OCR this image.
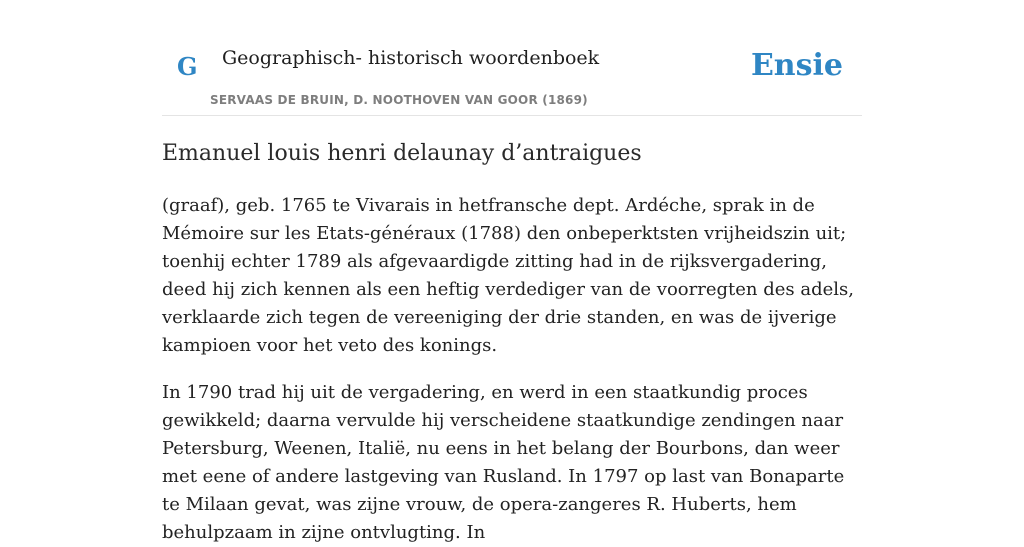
G Geographisch- historisch woordenboek
SERVAAS DE BRUIN, D. NOOTHOVEN VAN GOOR (1869)
Ensie
Emanuel louis henri delaunay d’antraigues

(graaf), geb. 1765 te Vivarais in hetfransche dept. Ardéche, sprak in de Mémoire sur les Etats-généraux (1788) den onbeperktsten vrijheidszin uit; toenhij echter 1789 als afgevaardigde zitting had in de rijksvergadering, deed hij zich kennen als een heftig verdediger van de voorregten des adels, verklaarde zich tegen de vereeniging der drie standen, en was de ijverige kampioen voor het veto des konings.

In 1790 trad hij uit de vergadering, en werd in een staatkundig proces gewikkeld; daarna vervulde hij verscheidene staatkundige zendingen naar Petersburg, Weenen, Italië, nu eens in het belang der Bourbons, dan weer met eene of andere lastgeving van Rusland. In 1797 op last van Bonaparte te Milaan gevat, was zijne vrouw, de opera-zangeres R. Huberts, hem behulpzaam in zijne ontvlugting. In
